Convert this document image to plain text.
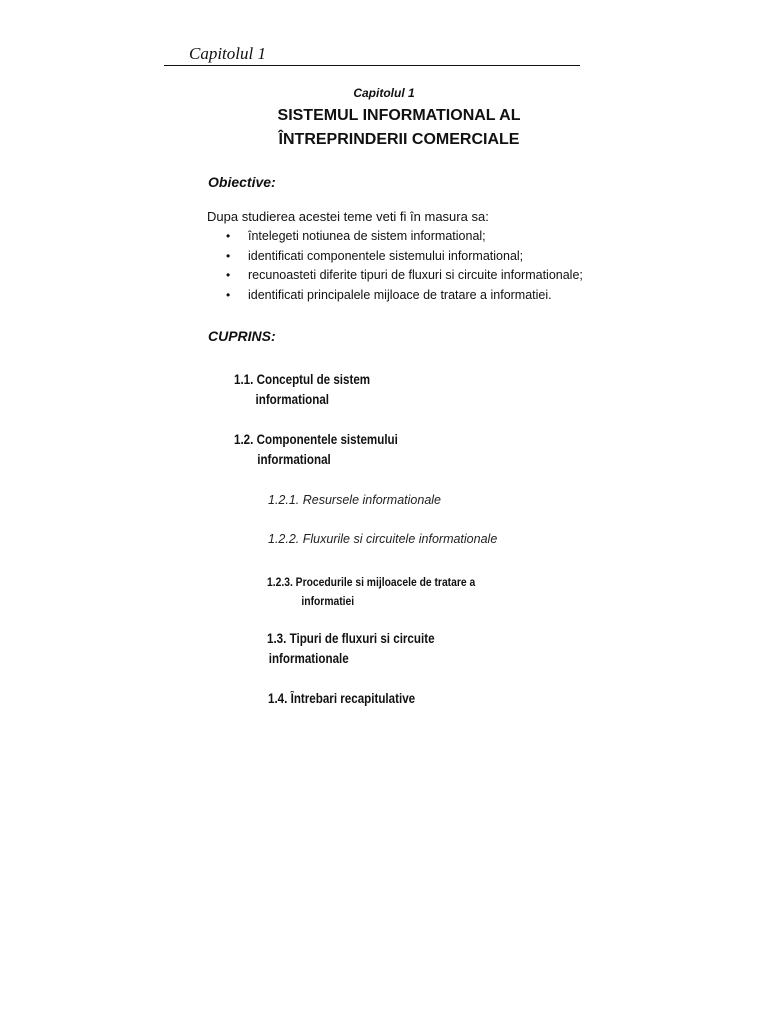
Capitolul 1
Capitolul 1
SISTEMUL INFORMATIONAL AL
ÎNTREPRINDERII COMERCIALE
Obiective:
Dupa studierea acestei teme veti fi în masura sa:
• întelegeti notiunea de sistem informational;
• identificati componentele sistemului informational;
• recunoasteti diferite tipuri de fluxuri si circuite informationale;
• identificati principalele mijloace de tratare a informatiei.
CUPRINS:
1.1. Conceptul de sistem
informational
1.2. Componentele sistemului
informational
1.2.1. Resursele informationale
1.2.2. Fluxurile si circuitele informationale
1.2.3. Procedurile si mijloacele de tratare a
informatiei
1.3. Tipuri de fluxuri si circuite
informationale
1.4. Întrebari recapitulative
